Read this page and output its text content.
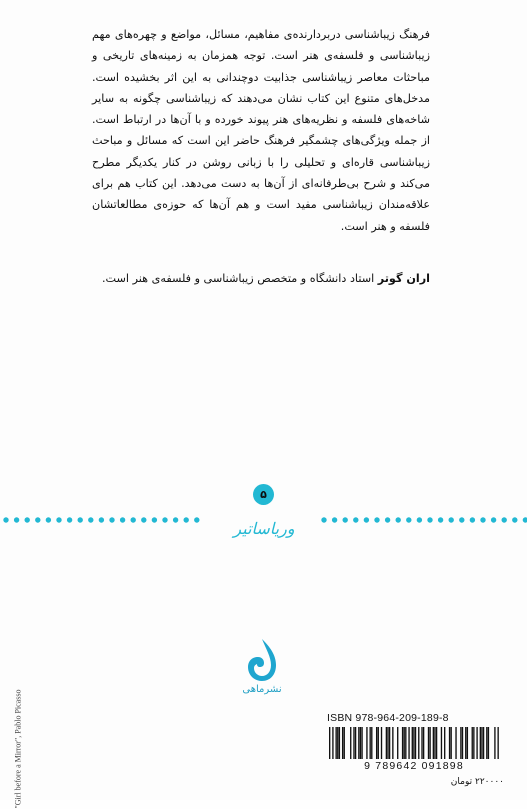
فرهنگ زیباشناسی دربردارنده‌ی مفاهیم، مسائل، مواضع و چهره‌های مهم زیباشناسی و فلسفه‌ی هنر است. توجه همزمان به زمینه‌های تاریخی و مباحثات معاصر زیباشناسی جذابیت دوچندانی به این اثر بخشیده است. مدخل‌های متنوع این کتاب نشان می‌دهند که زیباشناسی چگونه به سایر شاخه‌های فلسفه و نظریه‌های هنر پیوند خورده و با آن‌ها در ارتباط است. از جمله ویژگی‌های چشمگیر فرهنگ حاضر این است که مسائل و مباحث زیباشناسی قاره‌ای و تحلیلی را با زبانی روشن در کنار یکدیگر مطرح می‌کند و شرح بی‌طرفانه‌ای از آن‌ها به دست می‌دهد. این کتاب هم برای علاقه‌مندان زیباشناسی مفید است و هم آن‌ها که حوزه‌ی مطالعاتشان فلسفه و هنر است.

اران گوتر استاد دانشگاه و متخصص زیباشناسی و فلسفه‌ی هنر است.
۵
وریاساتیر
نشرماهی
"Girl before a Mirror", Pablo Picasso	ISBN 978-964-209-189-8
9 789642 091898
۲۲۰۰۰۰ تومان
